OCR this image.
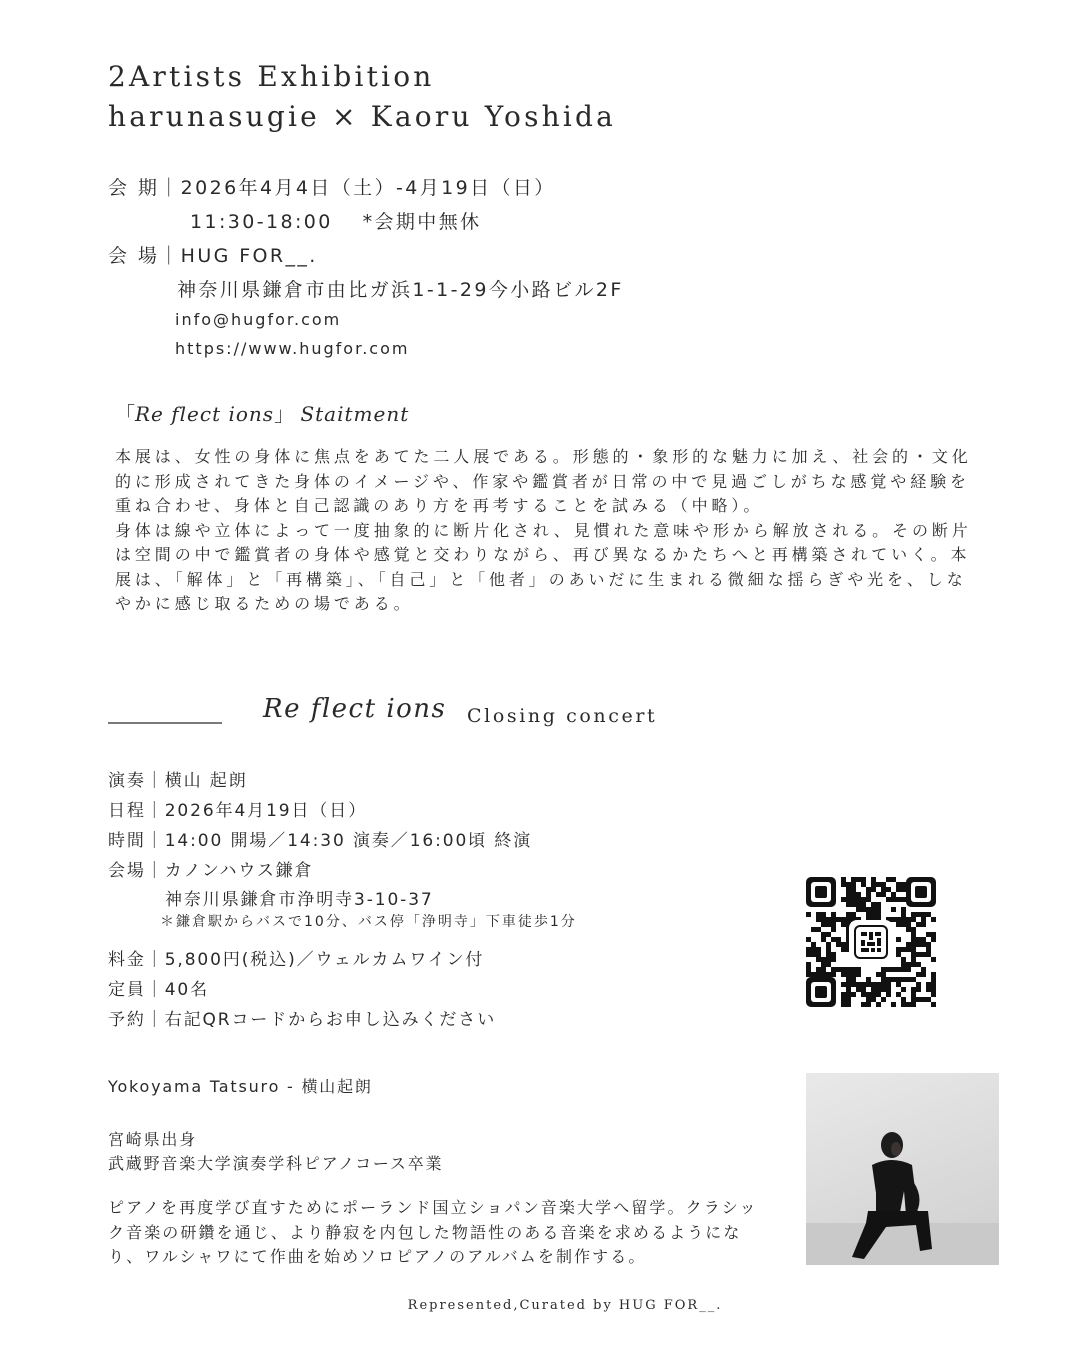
2Artists Exhibition
harunasugie × Kaoru Yoshida
会 期｜2026年4月4日（土）-4月19日（日）
11:30-18:00　 *会期中無休
会 場｜HUG FOR__.
神奈川県鎌倉市由比ガ浜1-1-29今小路ビル2F
info@hugfor.com
https://www.hugfor.com
「Re flect ions」 Staitment

本展は、女性の身体に焦点をあてた二人展である。形態的・象形的な魅力に加え、社会的・文化的に形成されてきた身体のイメージや、作家や鑑賞者が日常の中で見過ごしがちな感覚や経験を重ね合わせ、身体と自己認識のあり方を再考することを試みる（中略）。

身体は線や立体によって一度抽象的に断片化され、見慣れた意味や形から解放される。その断片は空間の中で鑑賞者の身体や感覚と交わりながら、再び異なるかたちへと再構築されていく。本展は、「解体」と「再構築」、「自己」と「他者」のあいだに生まれる微細な揺らぎや光を、しなやかに感じ取るための場である。

Re flect ions Closing concert
演奏｜横山 起朗
日程｜2026年4月19日（日）
時間｜14:00 開場／14:30 演奏／16:00頃 終演
会場｜カノンハウス鎌倉
神奈川県鎌倉市浄明寺3-10-37
＊鎌倉駅からバスで10分、バス停「浄明寺」下車徒歩1分
料金｜5,800円(税込)／ウェルカムワイン付
定員｜40名
予約｜右記QRコードからお申し込みください
Yokoyama Tatsuro - 横山起朗
宮崎県出身
武蔵野音楽大学演奏学科ピアノコース卒業
ピアノを再度学び直すためにポーランド国立ショパン音楽大学へ留学。クラシック音楽の研鑽を通じ、より静寂を内包した物語性のある音楽を求めるようになり、ワルシャワにて作曲を始めソロピアノのアルバムを制作する。
Represented,Curated by HUG FOR__.
